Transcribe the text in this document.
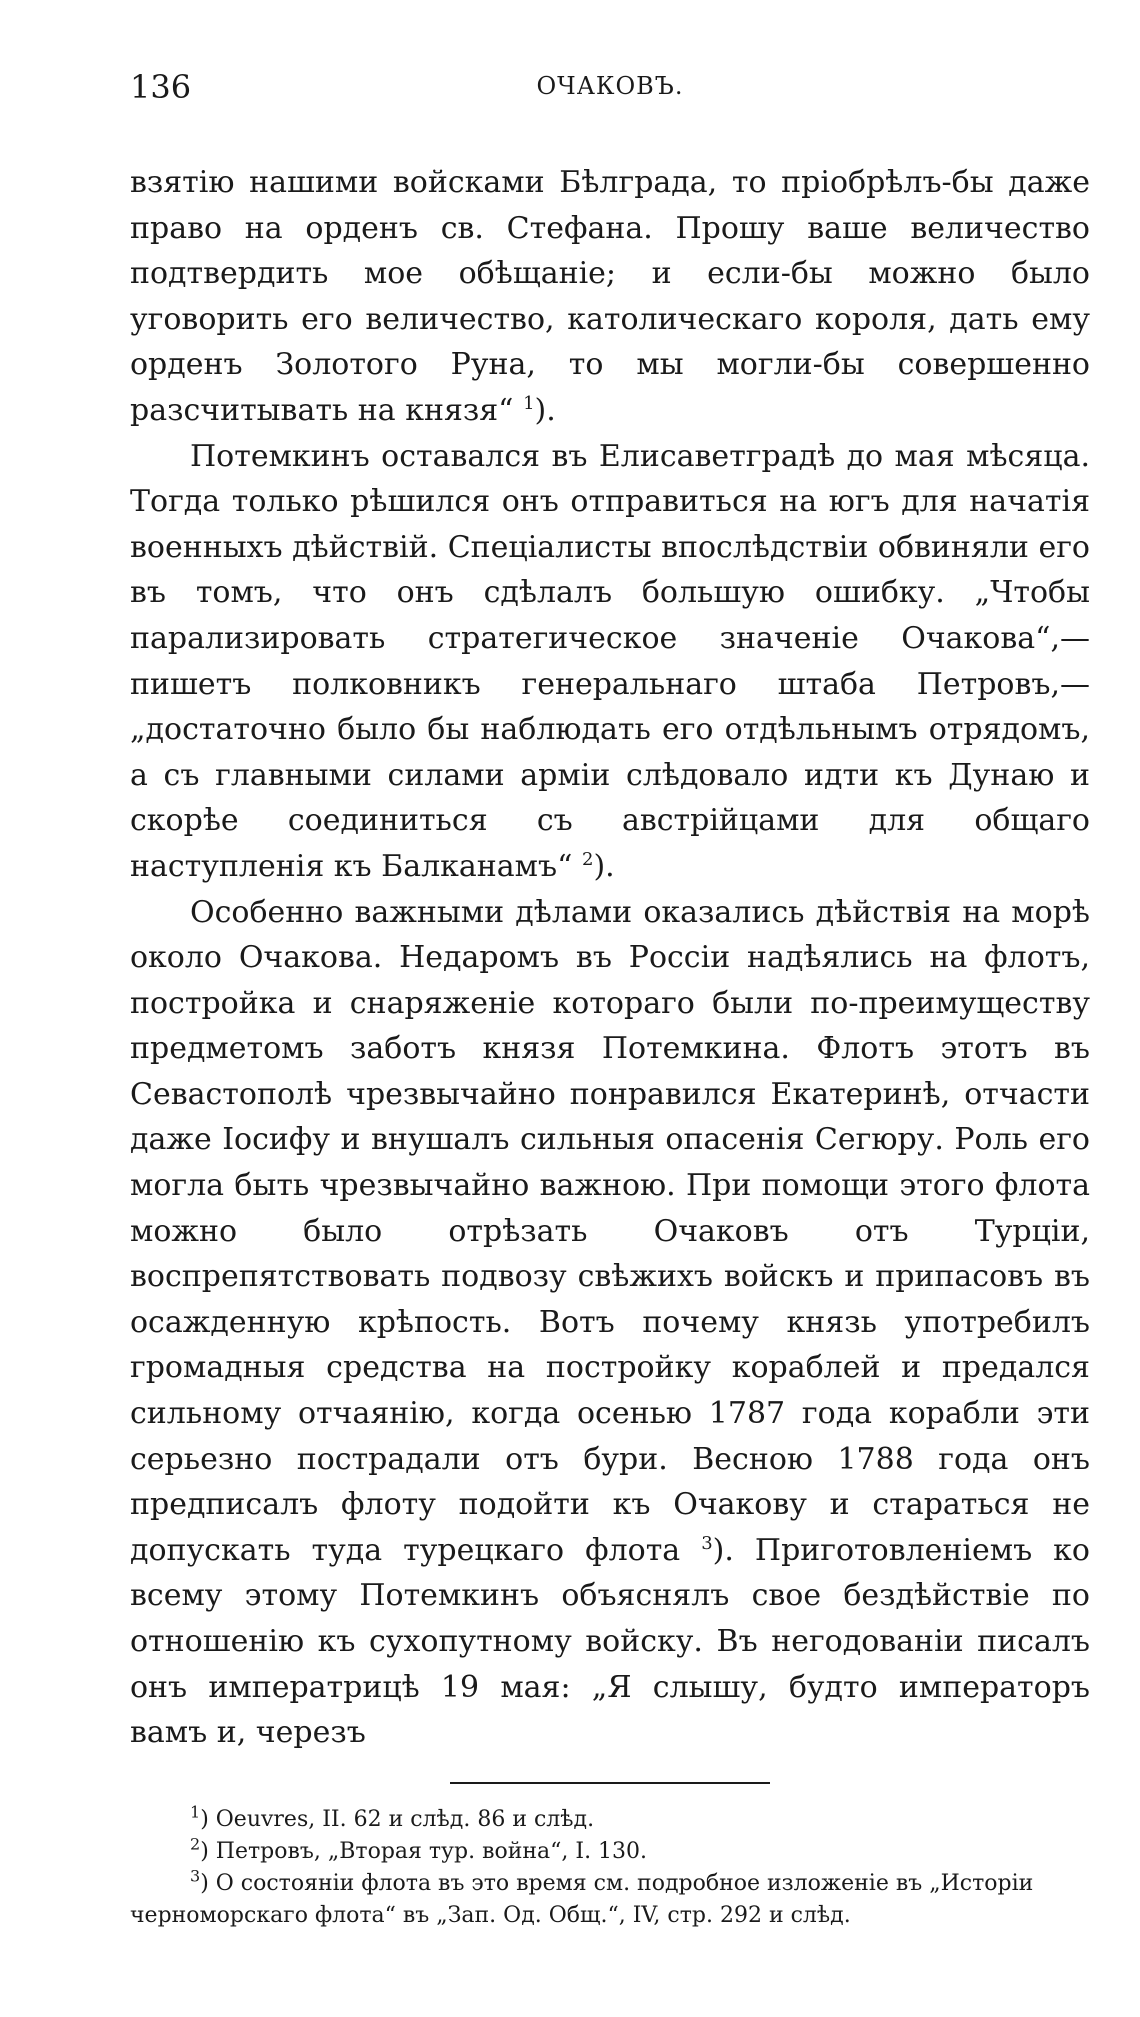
136	ОЧАКОВЪ.

взятію нашими войсками Бѣлграда, то пріобрѣлъ-бы даже право на орденъ св. Стефана. Прошу ваше величество подтвердить мое обѣщаніе; и если-бы можно было уговорить его величество, католическаго короля, дать ему орденъ Золотого Руна, то мы могли-бы совершенно разсчитывать на князя“ $^1$).

Потемкинъ оставался въ Елисаветградѣ до мая мѣсяца. Тогда только рѣшился онъ отправиться на югъ для начатія военныхъ дѣйствій. Спеціалисты впослѣдствіи обвиняли его въ томъ, что онъ сдѣлалъ большую ошибку. „Чтобы парализировать стратегическое значеніе Очакова“,—пишетъ полковникъ генеральнаго штаба Петровъ,—„достаточно было бы наблюдать его отдѣльнымъ отрядомъ, а съ главными силами арміи слѣдовало идти къ Дунаю и скорѣе соединиться съ австрійцами для общаго наступленія къ Балканамъ“ $^2$).

Особенно важными дѣлами оказались дѣйствія на морѣ около Очакова. Недаромъ въ Россіи надѣялись на флотъ, постройка и снаряженіе котораго были по-преимуществу предметомъ заботъ князя Потемкина. Флотъ этотъ въ Севастополѣ чрезвычайно понравился Екатеринѣ, отчасти даже Іосифу и внушалъ сильныя опасенія Сегюру. Роль его могла быть чрезвычайно важною. При помощи этого флота можно было отрѣзать Очаковъ отъ Турціи, воспрепятствовать подвозу свѣжихъ войскъ и припасовъ въ осажденную крѣпость. Вотъ почему князь употребилъ громадныя средства на постройку кораблей и предался сильному отчаянію, когда осенью 1787 года корабли эти серьезно пострадали отъ бури. Весною 1788 года онъ предписалъ флоту подойти къ Очакову и стараться не допускать туда турецкаго флота $^3$). Приготовленіемъ ко всему этому Потемкинъ объяснялъ свое бездѣйствіе по отношенію къ сухопутному войску. Въ негодованіи писалъ онъ императрицѣ 19 мая: „Я слышу, будто императоръ вамъ и, черезъ

$^1$) Oeuvres, II. 62 и слѣд. 86 и слѣд.

$^2$) Петровъ, „Вторая тур. война“, I. 130.

$^3$) О состояніи флота въ это время см. подробное изложеніе въ „Исторіи черноморскаго флота“ въ „Зап. Од. Общ.“, IV, стр. 292 и слѣд.
